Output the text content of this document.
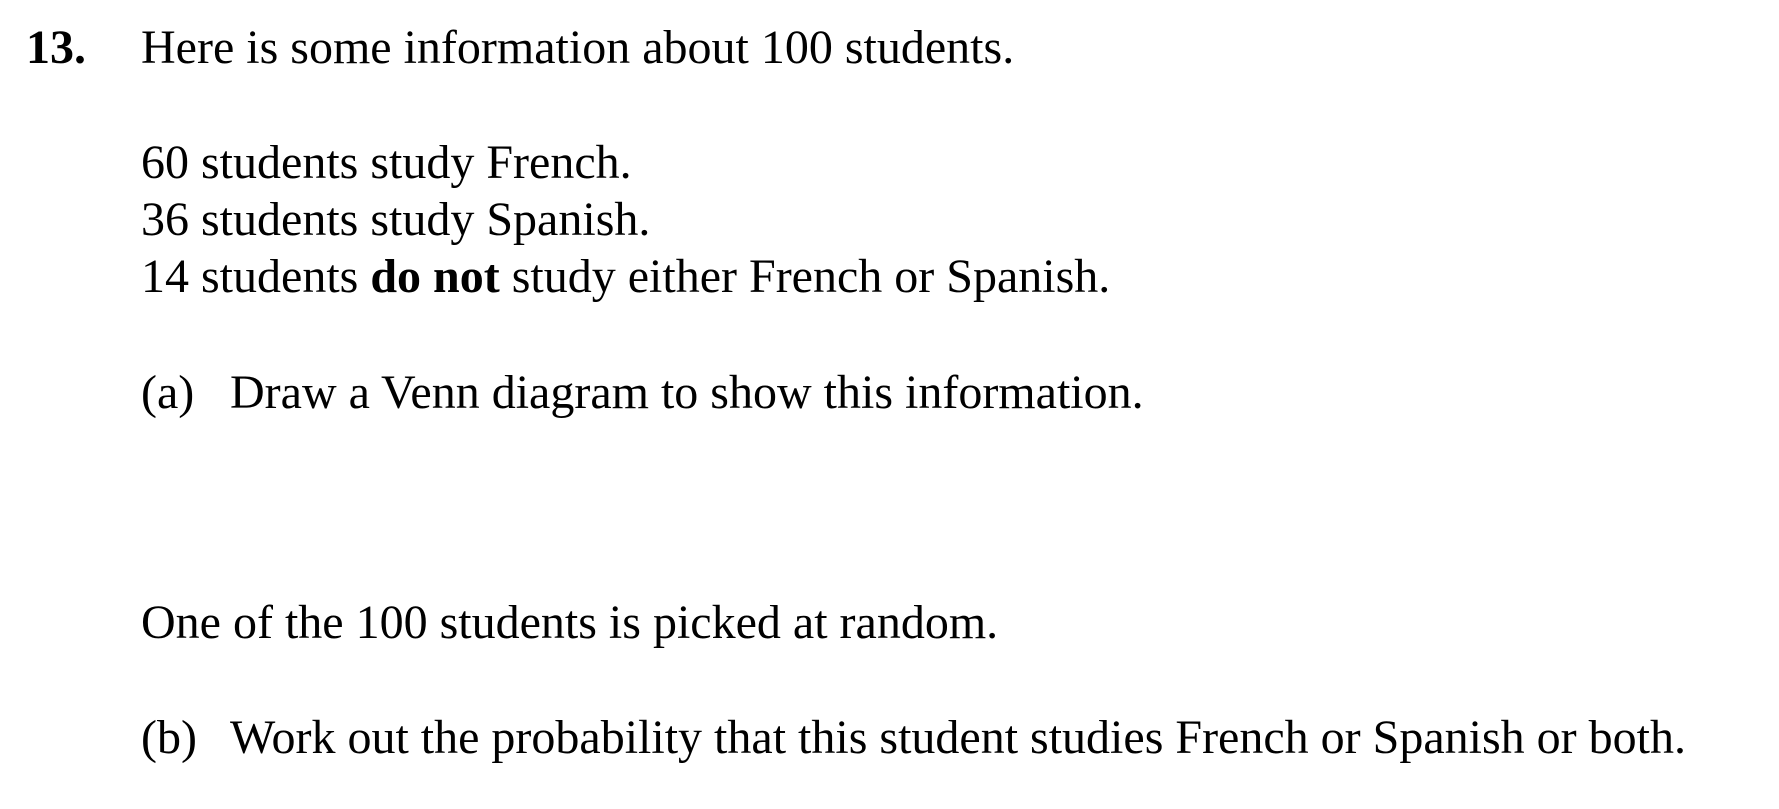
13. Here is some information about 100 students.
60 students study French.
36 students study Spanish.
14 students do not study either French or Spanish.
(a) Draw a Venn diagram to show this information.
One of the 100 students is picked at random.
(b) Work out the probability that this student studies French or Spanish or both.
